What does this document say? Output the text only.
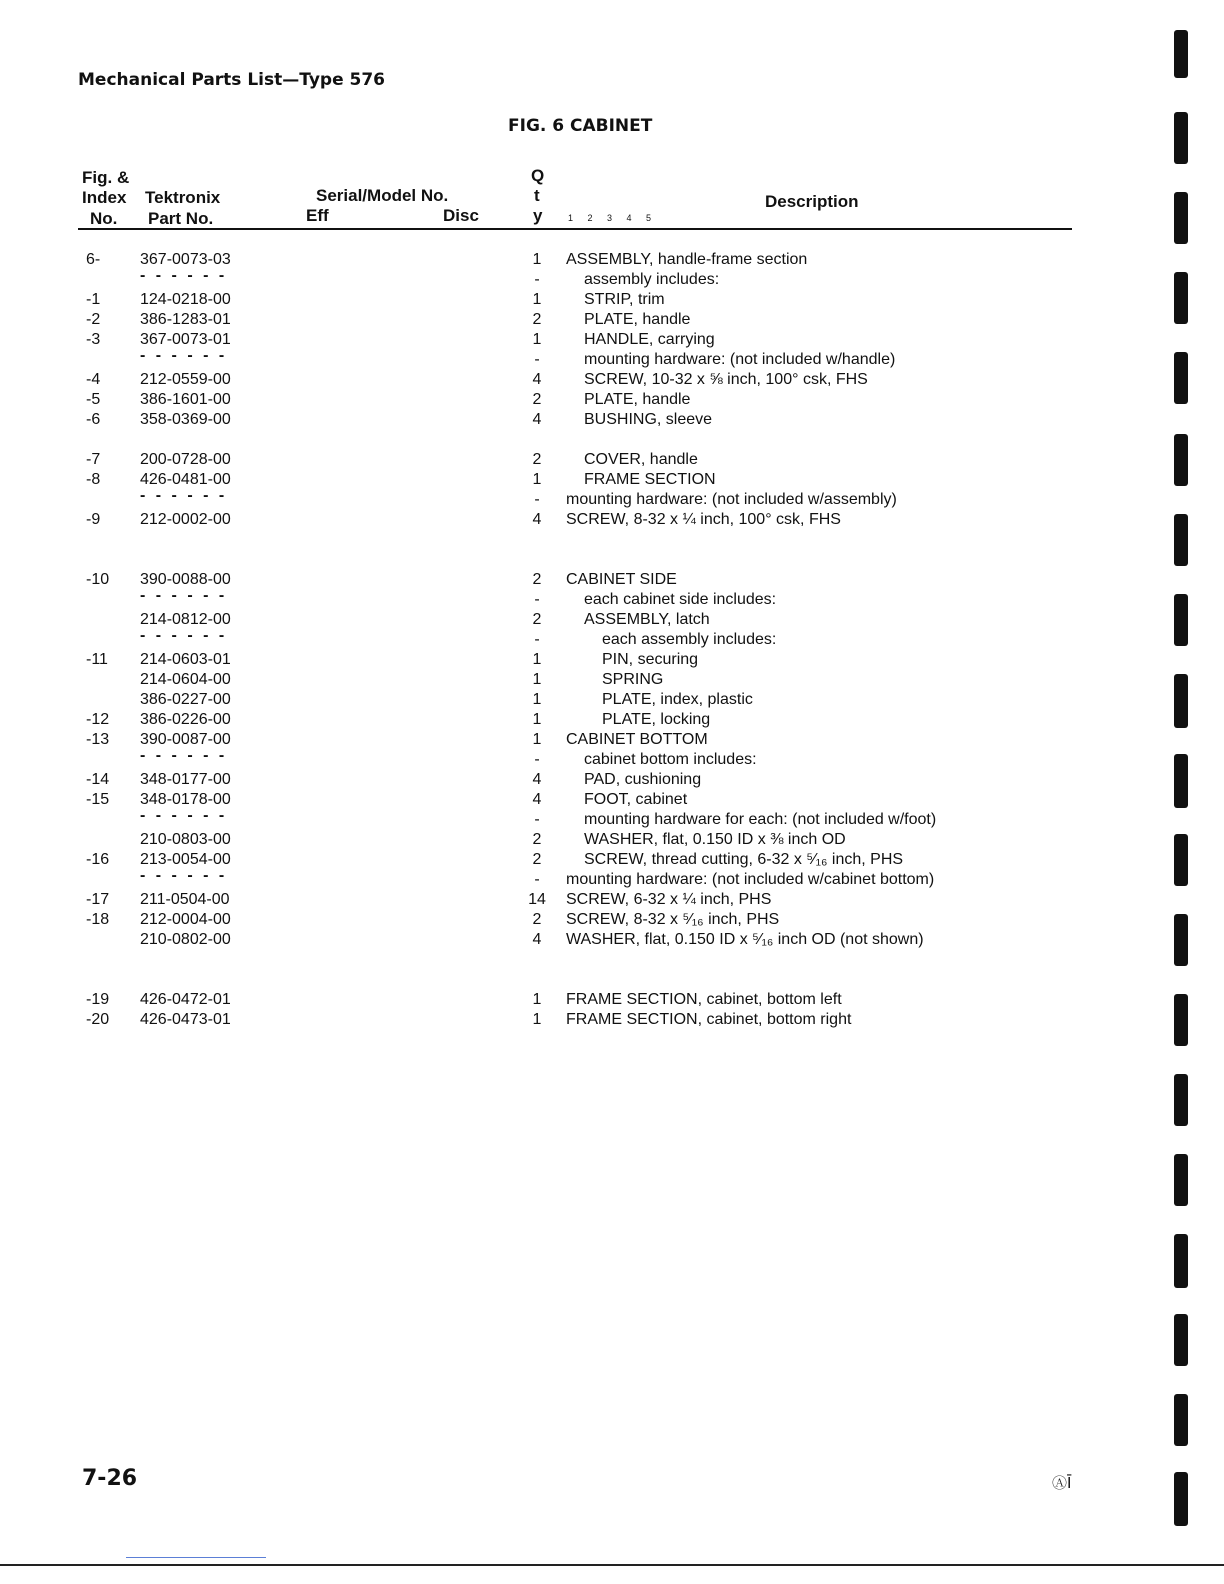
Mechanical Parts List—Type 576
FIG. 6 CABINET
Fig. &
Index
No.
Tektronix
Part No.
Serial/Model No.
Eff	Disc
Q
t
y	1 2 3 4 5
Description
6- 367-0073-03	1	ASSEMBLY, handle-frame section
- - - - - -	-	assembly includes:
-1 124-0218-00	1	STRIP, trim
-2 386-1283-01	2	PLATE, handle
-3 367-0073-01	1	HANDLE, carrying
- - - - - -	-	mounting hardware: (not included w/handle)
-4 212-0559-00	4	SCREW, 10-32 x ⅝ inch, 100° csk, FHS
-5 386-1601-00	2	PLATE, handle
-6 358-0369-00	4	BUSHING, sleeve
-7 200-0728-00	2	COVER, handle
-8 426-0481-00	1	FRAME SECTION
- - - - - -	-	mounting hardware: (not included w/assembly)
-9 212-0002-00	4	SCREW, 8-32 x ¼ inch, 100° csk, FHS
-10 390-0088-00	2	CABINET SIDE
- - - - - -	-	each cabinet side includes:
214-0812-00	2	ASSEMBLY, latch
- - - - - -	-	each assembly includes:
-11 214-0603-01	1	PIN, securing
214-0604-00	1	SPRING
386-0227-00	1	PLATE, index, plastic
-12 386-0226-00	1	PLATE, locking
-13 390-0087-00	1	CABINET BOTTOM
- - - - - -	-	cabinet bottom includes:
-14 348-0177-00	4	PAD, cushioning
-15 348-0178-00	4	FOOT, cabinet
- - - - - -	-	mounting hardware for each: (not included w/foot)
210-0803-00	2	WASHER, flat, 0.150 ID x ⅜ inch OD
-16 213-0054-00	2	SCREW, thread cutting, 6-32 x ⁵⁄₁₆ inch, PHS
- - - - - -	-	mounting hardware: (not included w/cabinet bottom)
-17 211-0504-00	14	SCREW, 6-32 x ¼ inch, PHS
-18 212-0004-00	2	SCREW, 8-32 x ⁵⁄₁₆ inch, PHS
210-0802-00	4	WASHER, flat, 0.150 ID x ⁵⁄₁₆ inch OD (not shown)
-19 426-0472-01	1	FRAME SECTION, cabinet, bottom left
-20 426-0473-01	1	FRAME SECTION, cabinet, bottom right
7-26	ⒶĪ
